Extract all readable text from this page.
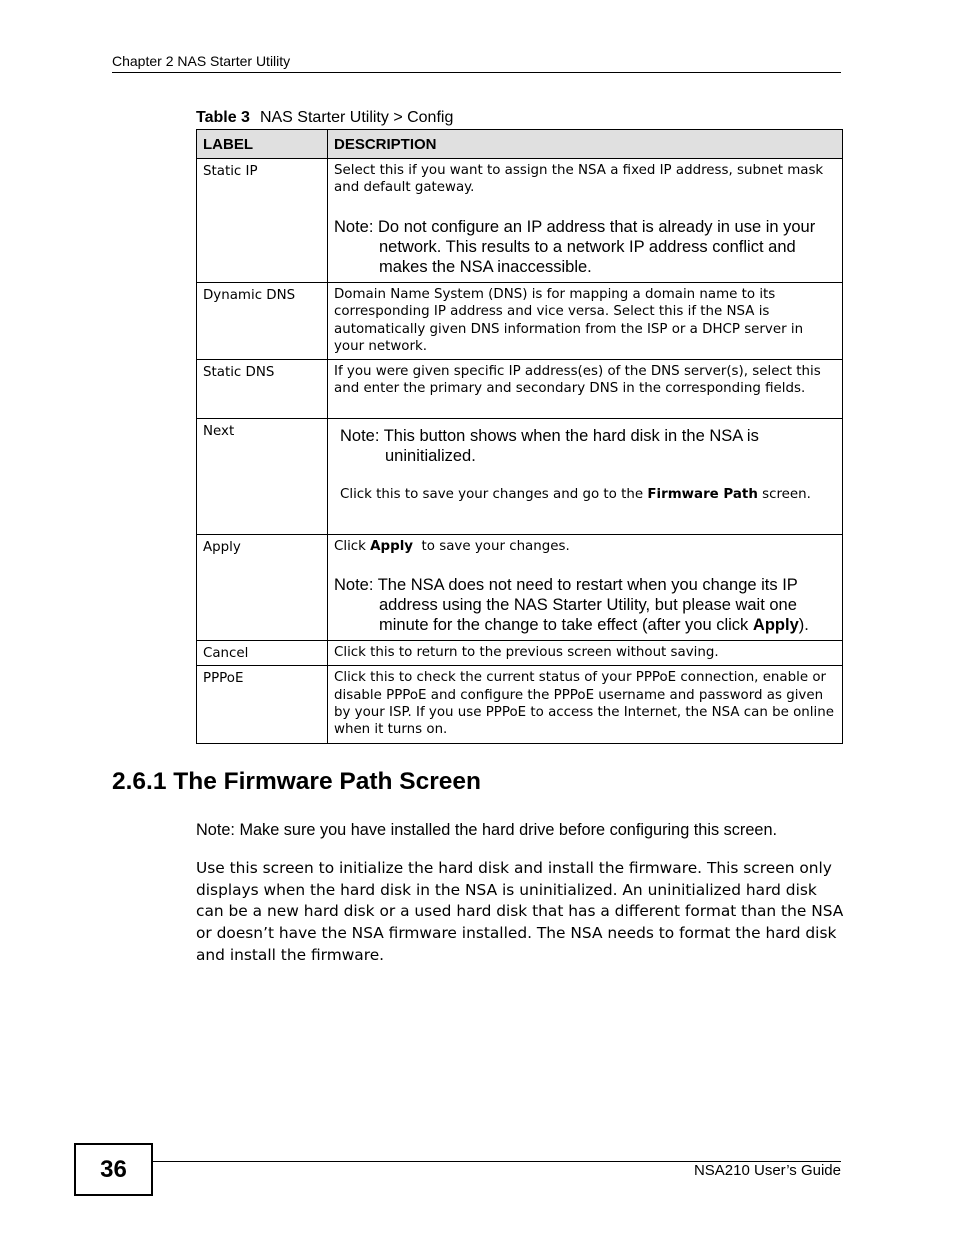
Chapter 2 NAS Starter Utility
Table 3 NAS Starter Utility > Config
LABEL	DESCRIPTION
Static IP	Select this if you want to assign the NSA a fixed IP address, subnet mask and default gateway.

Note: Do not configure an IP address that is already in use in your network. This results to a network IP address conflict and makes the NSA inaccessible.

Dynamic DNS	Domain Name System (DNS) is for mapping a domain name to its corresponding IP address and vice versa. Select this if the NSA is automatically given DNS information from the ISP or a DHCP server in your network.
Static DNS	If you were given specific IP address(es) of the DNS server(s), select this and enter the primary and secondary DNS in the corresponding fields.
Next	Note: This button shows when the hard disk in the NSA is uninitialized.

Click this to save your changes and go to the Firmware Path screen.

Apply	Click Apply  to save your changes.

Note: The NSA does not need to restart when you change its IP address using the NAS Starter Utility, but please wait one minute for the change to take effect (after you click Apply).

Cancel	Click this to return to the previous screen without saving.
PPPoE	Click this to check the current status of your PPPoE connection, enable or disable PPPoE and configure the PPPoE username and password as given by your ISP. If you use PPPoE to access the Internet, the NSA can be online when it turns on.
2.6.1 The Firmware Path Screen

Note: Make sure you have installed the hard drive before configuring this screen.

Use this screen to initialize the hard disk and install the firmware. This screen only displays when the hard disk in the NSA is uninitialized. An uninitialized hard disk can be a new hard disk or a used hard disk that has a different format than the NSA or doesn’t have the NSA firmware installed. The NSA needs to format the hard disk and install the firmware.

36	NSA210 User’s Guide
